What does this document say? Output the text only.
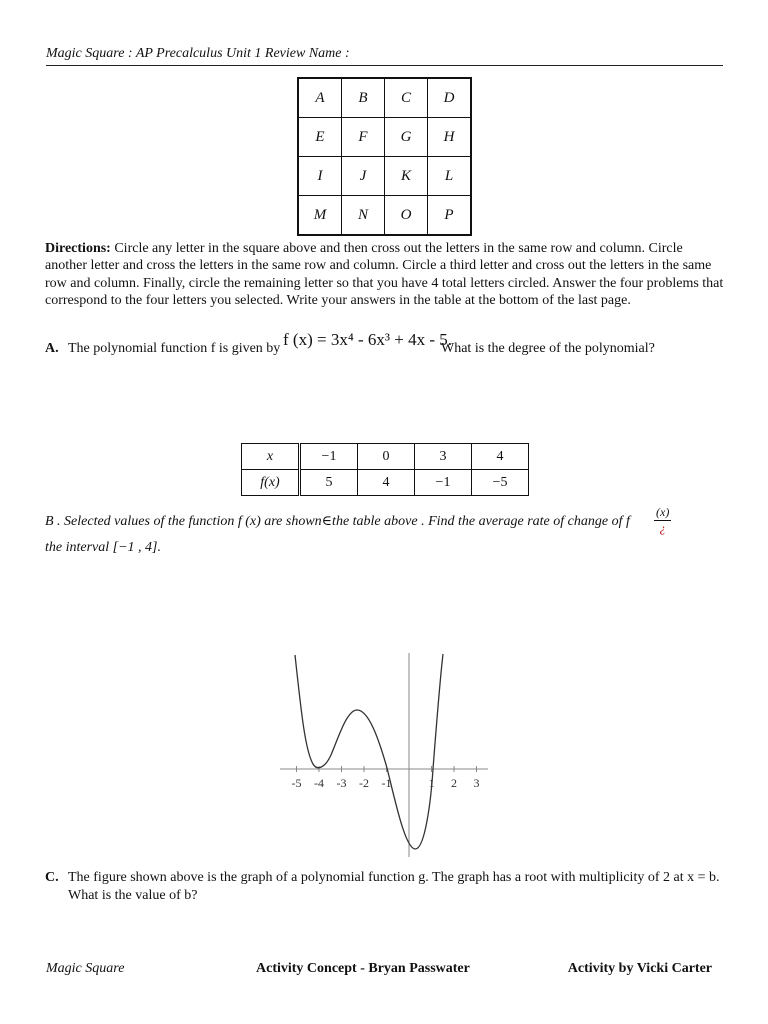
Magic Square : AP Precalculus Unit 1 Review Name :
A	B	C	D
E	F	G	H
I	J	K	L
M	N	O	P
Directions: Circle any letter in the square above and then cross out the letters in the same row and column. Circle another letter and cross the letters in the same row and column. Circle a third letter and cross out the letters in the same row and column. Finally, circle the remaining letter so that you have 4 total letters circled. Answer the four problems that correspond to the four letters you selected. Write your answers in the table at the bottom of the last page.
A. The polynomial function f is given by f (x) = 3x⁴ - 6x³ + 4x - 5.
What is the degree of the polynomial?
x	−1	0	3	4
f(x)	5	4	−1	−5
B . Selected values of the function f (x) are shown∈the table above . Find the average rate of change of f
(x)
¿
the interval [−1 , 4].
-5 -4 -3 -2 -1	1 2 3
C. The figure shown above is the graph of a polynomial function g. The graph has a root with multiplicity of 2 at x = b. What is the value of b?
Magic Square	Activity Concept - Bryan Passwater	Activity by Vicki Carter
